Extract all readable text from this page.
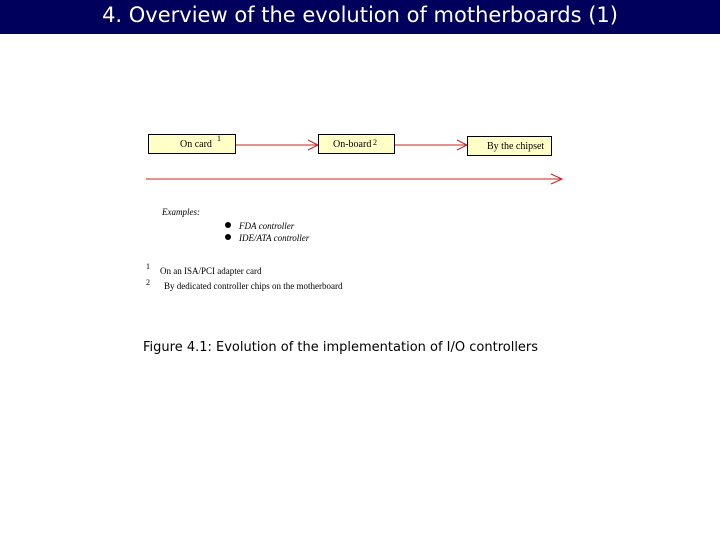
4. Overview of the evolution of motherboards (1)
On card
1
On-board 2	By the chipset
Examples:
FDA controller
IDE/ATA controller
1 On an ISA/PCI adapter card
2 By dedicated controller chips on the motherboard
Figure 4.1: Evolution of the implementation of I/O controllers
